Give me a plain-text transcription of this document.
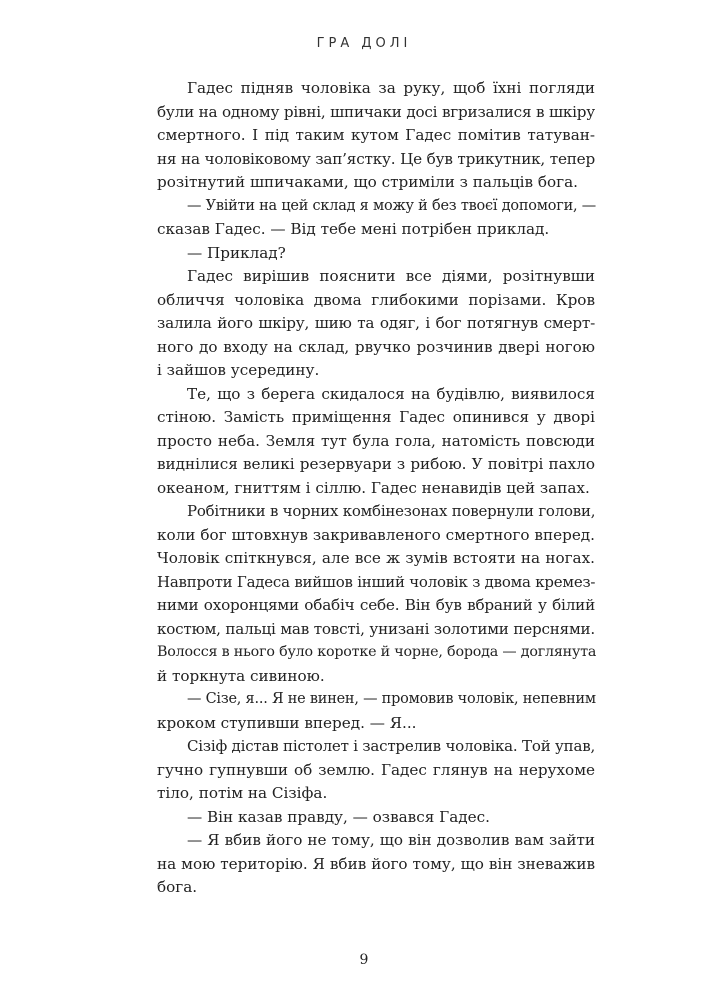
ГРА ДОЛІ
Гадес підняв чоловіка за руку, щоб їхні погляди
були на одному рівні, шпичаки досі вгризалися в шкіру
смертного. І під таким кутом Гадес помітив татуван-
ня на чоловіковому зап’ястку. Це був трикутник, тепер
розітнутий шпичаками, що стриміли з пальців бога.
— Увійти на цей склад я можу й без твоєї допомоги, —
сказав Гадес. — Від тебе мені потрібен приклад.
— Приклад?
Гадес вирішив пояснити все діями, розітнувши
обличчя чоловіка двома глибокими порізами. Кров
залила його шкіру, шию та одяг, і бог потягнув смерт-
ного до входу на склад, рвучко розчинив двері ногою
і зайшов усередину.
Те, що з берега скидалося на будівлю, виявилося
стіною. Замість приміщення Гадес опинився у дворі
просто неба. Земля тут була гола, натомість повсюди
виднілися великі резервуари з рибою. У повітрі пахло
океаном, гниттям і сіллю. Гадес ненавидів цей запах.
Робітники в чорних комбінезонах повернули голови,
коли бог штовхнув закривавленого смертного вперед.
Чоловік спіткнувся, але все ж зумів встояти на ногах.
Навпроти Гадеса вийшов інший чоловік з двома кремез-
ними охоронцями обабіч себе. Він був вбраний у білий
костюм, пальці мав товсті, унизані золотими перснями.
Волосся в нього було коротке й чорне, борода — доглянута
й торкнута сивиною.
— Сізе, я... Я не винен, — промовив чоловік, непевним
кроком ступивши вперед. — Я...
Сізіф дістав пістолет і застрелив чоловіка. Той упав,
гучно гупнувши об землю. Гадес глянув на нерухоме
тіло, потім на Сізіфа.
— Він казав правду, — озвався Гадес.
— Я вбив його не тому, що він дозволив вам зайти
на мою територію. Я вбив його тому, що він зневажив
бога.
9
